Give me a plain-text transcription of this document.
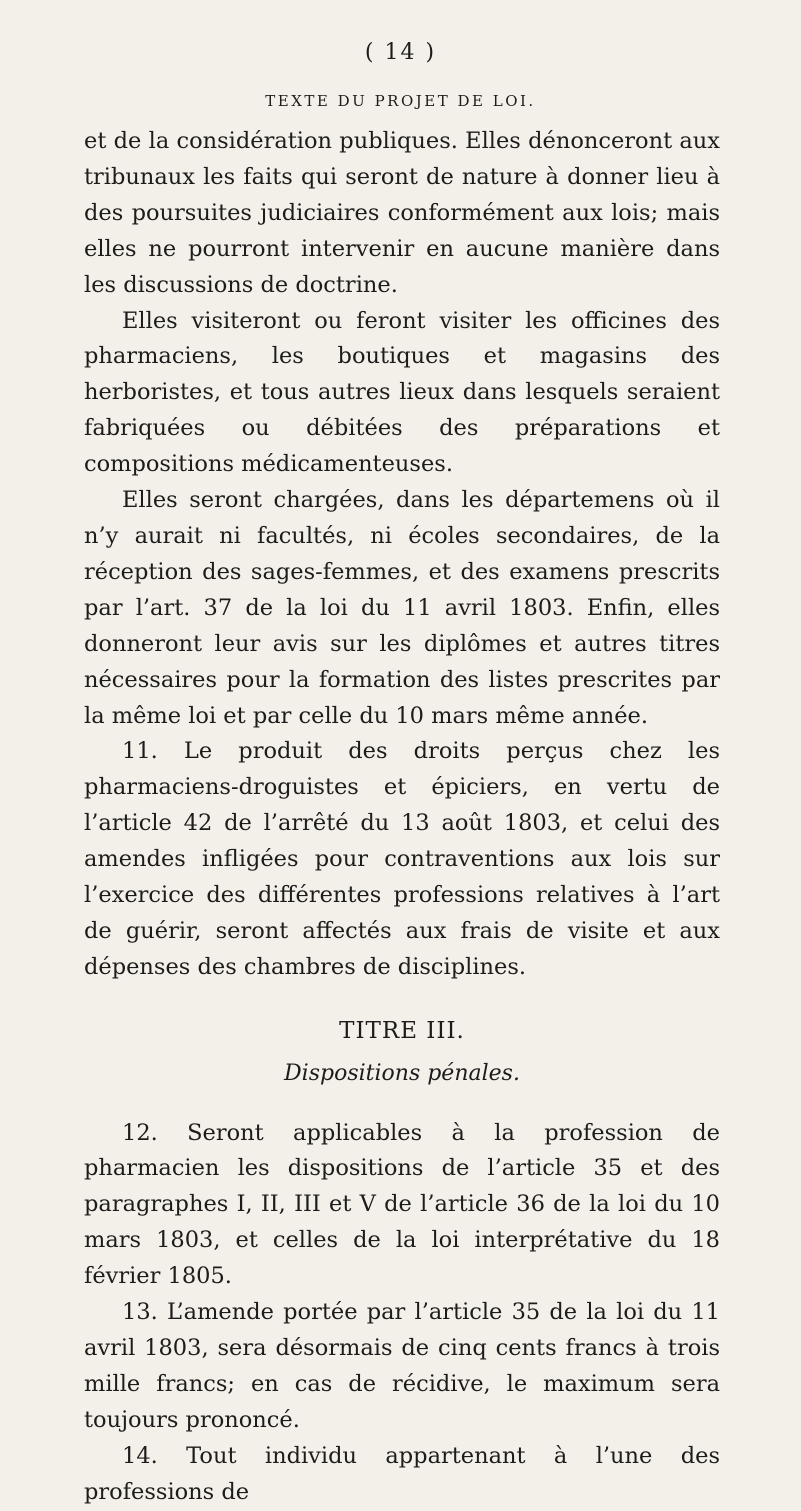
( 14 )
TEXTE DU PROJET DE LOI.

et de la considération publiques. Elles dénonceront aux tribunaux les faits qui seront de nature à donner lieu à des poursuites judiciaires conformément aux lois; mais elles ne pourront intervenir en aucune manière dans les discussions de doctrine.

Elles visiteront ou feront visiter les officines des pharmaciens, les boutiques et magasins des herboristes, et tous autres lieux dans lesquels seraient fabriquées ou débitées des préparations et compositions médicamenteuses.

Elles seront chargées, dans les départemens où il n’y aurait ni facultés, ni écoles secondaires, de la réception des sages-femmes, et des examens prescrits par l’art. 37 de la loi du 11 avril 1803. Enfin, elles donneront leur avis sur les diplômes et autres titres nécessaires pour la formation des listes prescrites par la même loi et par celle du 10 mars même année.

11. Le produit des droits perçus chez les pharmaciens-droguistes et épiciers, en vertu de l’article 42 de l’arrêté du 13 août 1803, et celui des amendes infligées pour contraventions aux lois sur l’exercice des différentes professions relatives à l’art de guérir, seront affectés aux frais de visite et aux dépenses des chambres de disciplines.

TITRE III.

Dispositions pénales.

12. Seront applicables à la profession de pharmacien les dispositions de l’article 35 et des paragraphes I, II, III et V de l’article 36 de la loi du 10 mars 1803, et celles de la loi interprétative du 18 février 1805.

13. L’amende portée par l’article 35 de la loi du 11 avril 1803, sera désormais de cinq cents francs à trois mille francs; en cas de récidive, le maximum sera toujours prononcé.

14. Tout individu appartenant à l’une des professions de
